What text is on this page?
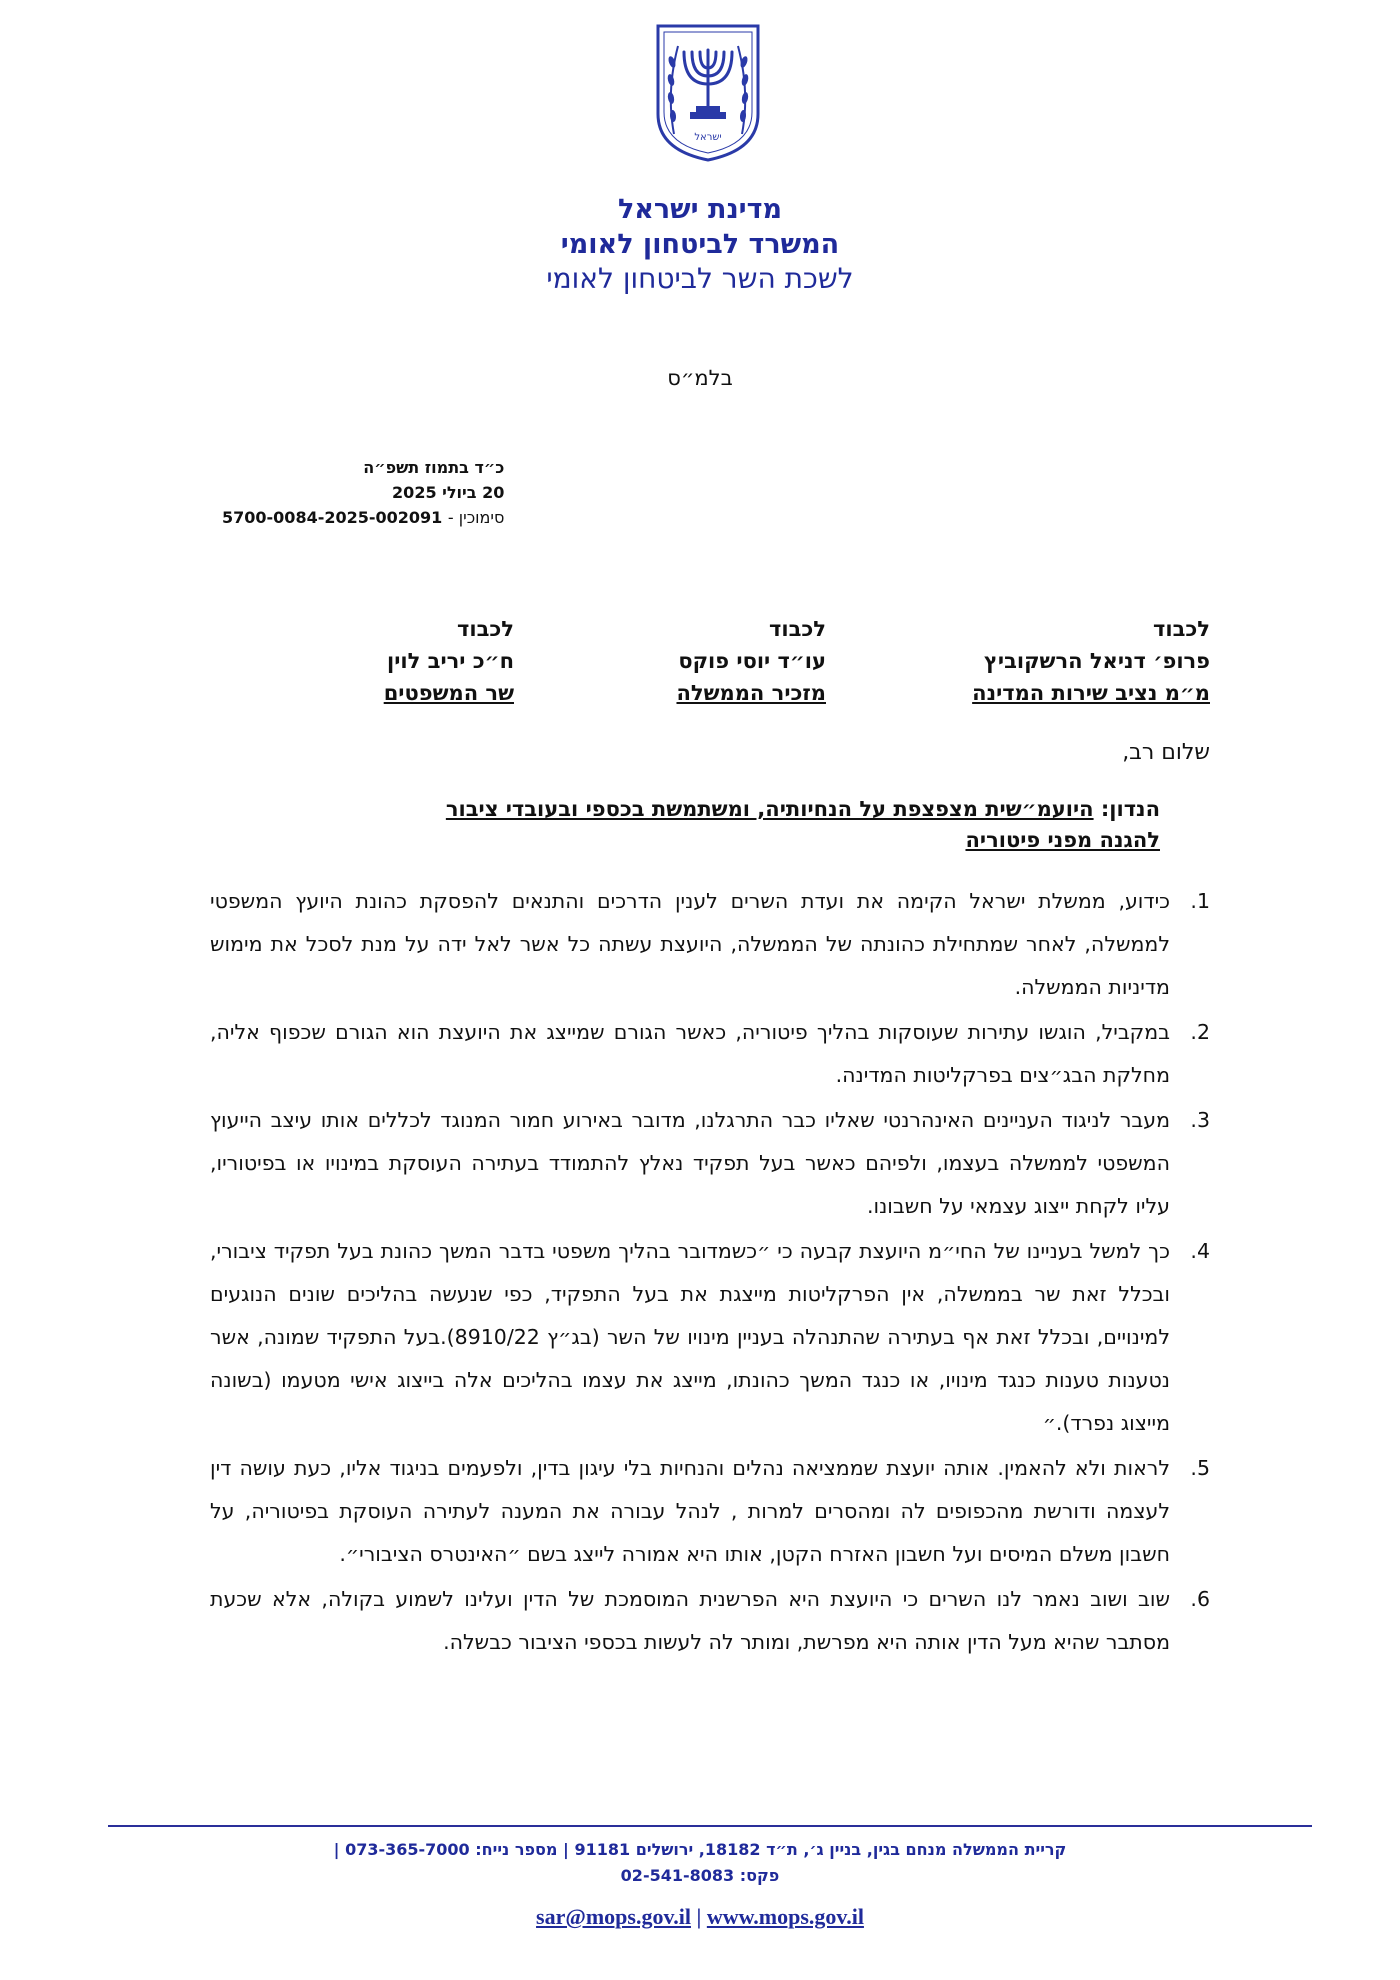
ישראל
מדינת ישראל
המשרד לביטחון לאומי
לשכת השר לביטחון לאומי
בלמ״ס
כ״ד בתמוז תשפ״ה
20 ביולי 2025
סימוכין - 5700-0084-2025-002091
לכבוד
פרופ׳ דניאל הרשקוביץ
מ״מ נציב שירות המדינה
לכבוד
עו״ד יוסי פוקס
מזכיר הממשלה
לכבוד
ח״כ יריב לוין
שר המשפטים
שלום רב,
הנדון: היועמ״שית מצפצפת על הנחיותיה, ומשתמשת בכספי ובעובדי ציבור להגנה מפני פיטוריה
1.
כידוע, ממשלת ישראל הקימה את ועדת השרים לענין הדרכים והתנאים להפסקת כהונת היועץ המשפטי לממשלה, לאחר שמתחילת כהונתה של הממשלה, היועצת עשתה כל אשר לאל ידה על מנת לסכל את מימוש מדיניות הממשלה.
2.
במקביל, הוגשו עתירות שעוסקות בהליך פיטוריה, כאשר הגורם שמייצג את היועצת הוא הגורם שכפוף אליה, מחלקת הבג״צים בפרקליטות המדינה.
3.
מעבר לניגוד העניינים האינהרנטי שאליו כבר התרגלנו, מדובר באירוע חמור המנוגד לכללים אותו עיצב הייעוץ המשפטי לממשלה בעצמו, ולפיהם כאשר בעל תפקיד נאלץ להתמודד בעתירה העוסקת במינויו או בפיטוריו, עליו לקחת ייצוג עצמאי על חשבונו.
4.
כך למשל בעניינו של החי״מ היועצת קבעה כי ״כשמדובר בהליך משפטי בדבר המשך כהונת בעל תפקיד ציבורי, ובכלל זאת שר בממשלה, אין הפרקליטות מייצגת את בעל התפקיד, כפי שנעשה בהליכים שונים הנוגעים למינויים, ובכלל זאת אף בעתירה שהתנהלה בעניין מינויו של השר (בג״ץ 8910/22).בעל התפקיד שמונה, אשר נטענות טענות כנגד מינויו, או כנגד המשך כהונתו, מייצג את עצמו בהליכים אלה בייצוג אישי מטעמו (בשונה מייצוג נפרד).״
5.
לראות ולא להאמין. אותה יועצת שממציאה נהלים והנחיות בלי עיגון בדין, ולפעמים בניגוד אליו, כעת עושה דין לעצמה ודורשת מהכפופים לה ומהסרים למרות , לנהל עבורה את המענה לעתירה העוסקת בפיטוריה, על חשבון משלם המיסים ועל חשבון האזרח הקטן, אותו היא אמורה לייצג בשם ״האינטרס הציבורי״.
6.
שוב ושוב נאמר לנו השרים כי היועצת היא הפרשנית המוסמכת של הדין ועלינו לשמוע בקולה, אלא שכעת מסתבר שהיא מעל הדין אותה היא מפרשת, ומותר לה לעשות בכספי הציבור כבשלה.
קריית הממשלה מנחם בגין, בניין ג׳, ת״ד 18182, ירושלים 91181 | מספר נייח: 073-365-7000 |
פקס: 02-541-8083
sar@mops.gov.il | www.mops.gov.il
